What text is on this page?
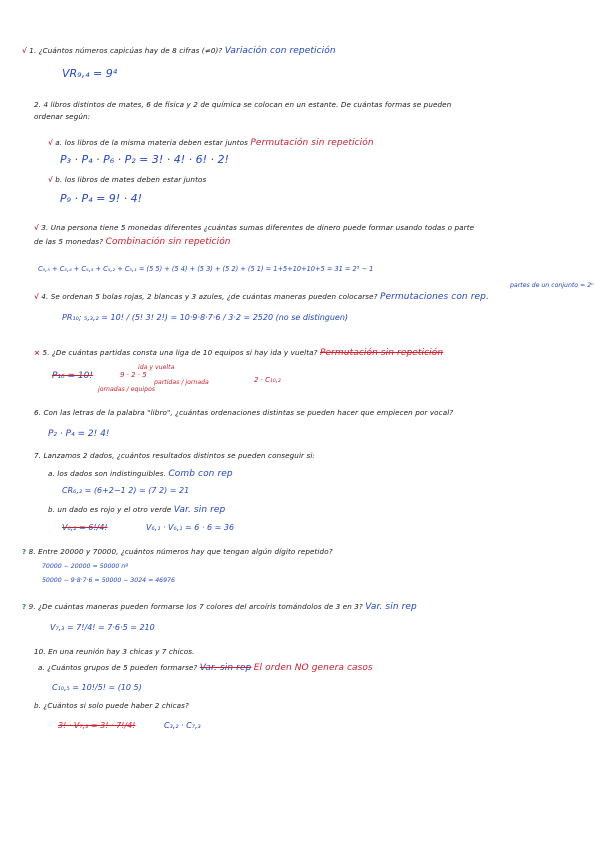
√ 1. ¿Cuántos números capicúas hay de 8 cifras (≠0)? Variación con repetición
VR₉,₄ = 9⁴
2. 4 libros distintos de mates, 6 de física y 2 de química se colocan en un estante. De cuántas formas se pueden
ordenar según:
√ a. los libros de la misma materia deben estar juntos Permutación sin repetición
P₃ · P₄ · P₆ · P₂ = 3! · 4! · 6! · 2!
√ b. los libros de mates deben estar juntos
P₉ · P₄ = 9! · 4!
√ 3. Una persona tiene 5 monedas diferentes ¿cuántas sumas diferentes de dinero puede formar usando todas o parte
de las 5 monedas? Combinación sin repetición
C₅,₅ + C₅,₄ + C₅,₃ + C₅,₂ + C₅,₁ = (5 5) + (5 4) + (5 3) + (5 2) + (5 1) = 1+5+10+10+5 = 31 = 2⁵ − 1
partes de un conjunto = 2ⁿ
√ 4. Se ordenan 5 bolas rojas, 2 blancas y 3 azules, ¿de cuántas maneras pueden colocarse? Permutaciones con rep.
PR₁₀; ₅,₃,₂ = 10! / (5! 3! 2!) = 10·9·8·7·6 / 3·2 = 2520 (no se distinguen)
× 5. ¿De cuántas partidas consta una liga de 10 equipos si hay ida y vuelta? Permutación sin repetición
ida y vuelta
P₁₀ = 10!	9 · 2 · 5
partidas / jornada
jornadas / equipos
2 · C₁₀,₂
6. Con las letras de la palabra "libro", ¿cuántas ordenaciones distintas se pueden hacer que empiecen por vocal?
P₂ · P₄ = 2! 4!
7. Lanzamos 2 dados, ¿cuántos resultados distintos se pueden conseguir si:
a. los dados son indistinguibles. Comb con rep
CR₆,₂ = (6+2−1 2) = (7 2) = 21
b. un dado es rojo y el otro verde Var. sin rep
V₆,₂ = 6!/4!	V₆,₁ · V₆,₁ = 6 · 6 = 36
? 8. Entre 20000 y 70000, ¿cuántos números hay que tengan algún dígito repetido?
70000 − 20000 = 50000 nº
50000 − 9·8·7·6 = 50000 − 3024 = 46976
? 9. ¿De cuántas maneras pueden formarse los 7 colores del arcoíris tomándolos de 3 en 3? Var. sin rep
V₇,₃ = 7!/4! = 7·6·5 = 210
10. En una reunión hay 3 chicas y 7 chicos.
a. ¿Cuántos grupos de 5 pueden formarse? Var. sin rep El orden NO genera casos
C₁₀,₅ = 10!/5! = (10 5)
b. ¿Cuántos si solo puede haber 2 chicas?
3! · V₇,₃ = 3! · 7!/4!	C₃,₂ · C₇,₃
